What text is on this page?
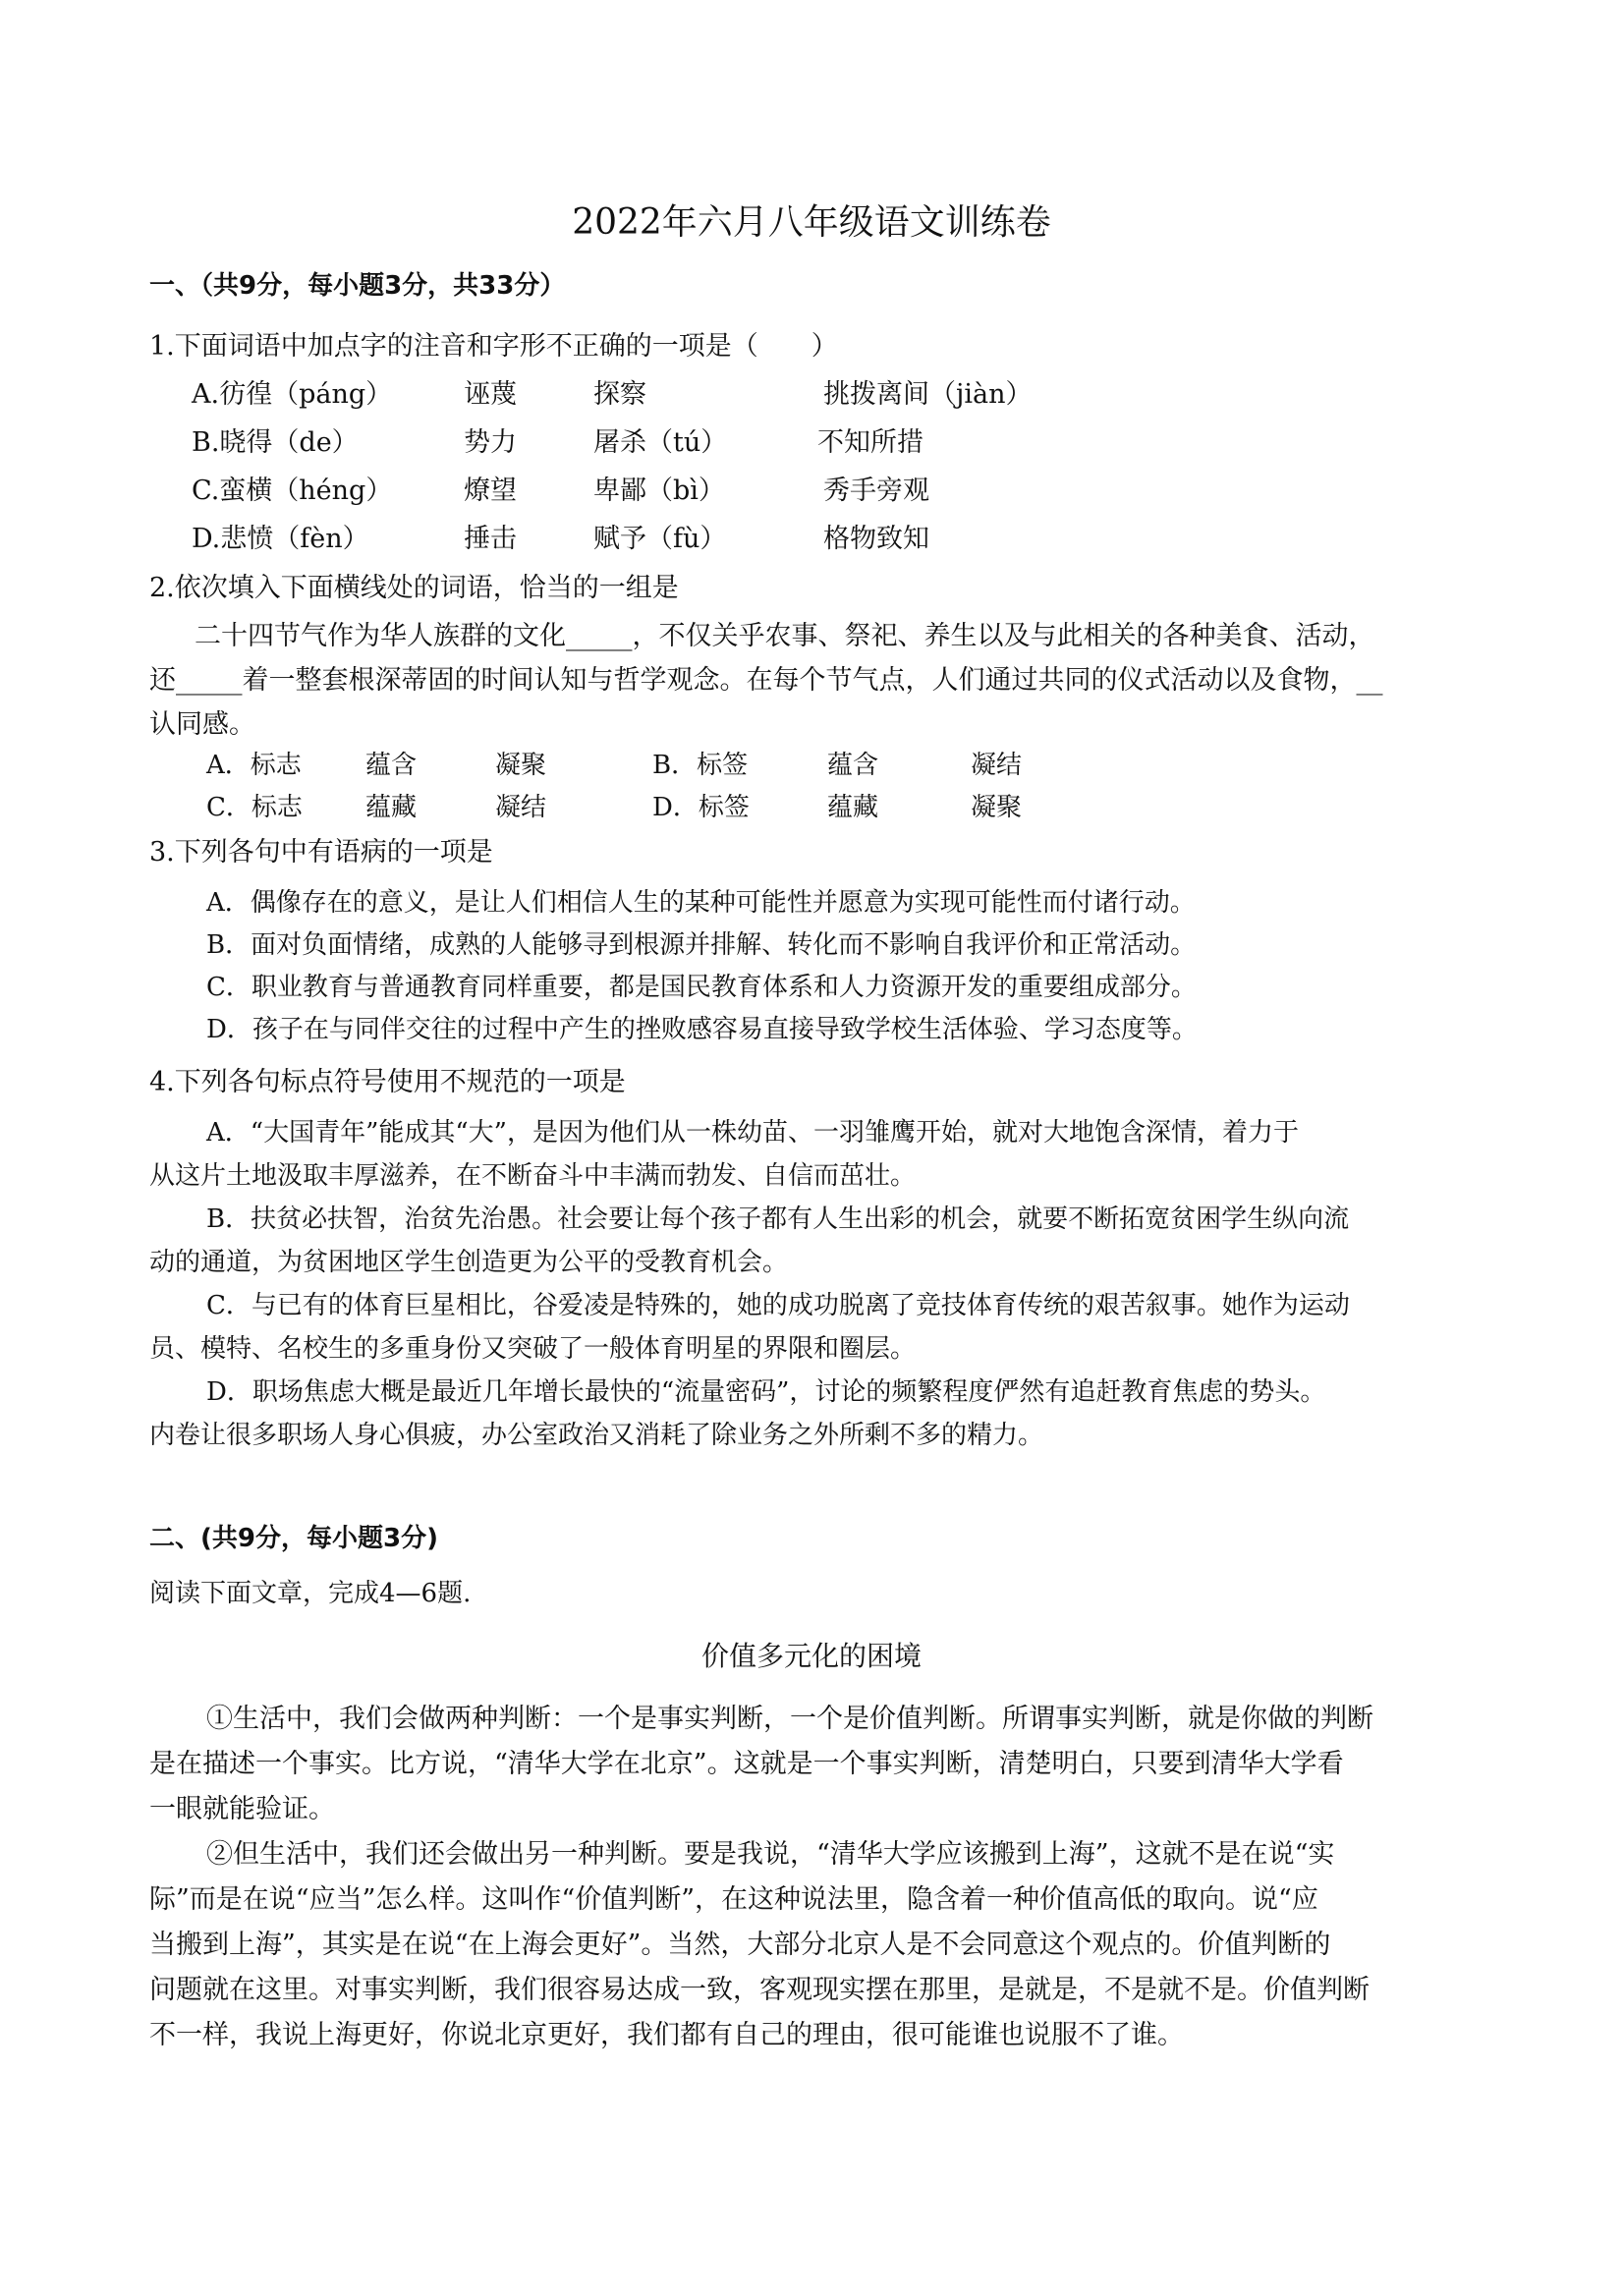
2022年六月八年级语文训练卷
一、（共9分，每小题3分，共33分）
1.下面词语中加点字的注音和字形不正确的一项是（　　）
A.彷徨（páng）	诬蔑	探察	挑拨离间（jiàn）
B.晓得（de）	势力	屠杀（tú）	不知所措
C.蛮横（héng）	燎望	卑鄙（bì）	秀手旁观
D.悲愤（fèn）	捶击	赋予（fù）	格物致知
2.依次填入下面横线处的词语，恰当的一组是
二十四节气作为华人族群的文化_____，不仅关乎农事、祭祀、养生以及与此相关的各种美食、活动，
还_____着一整套根深蒂固的时间认知与哲学观念。在每个节气点，人们通过共同的仪式活动以及食物，__
认同感。
A．标志	蕴含	凝聚	B．标签	蕴含	凝结
C．标志 蕴藏	凝结	D．标签	蕴藏	凝聚
3.下列各句中有语病的一项是
A．偶像存在的意义，是让人们相信人生的某种可能性并愿意为实现可能性而付诸行动。
B．面对负面情绪，成熟的人能够寻到根源并排解、转化而不影响自我评价和正常活动。
C．职业教育与普通教育同样重要，都是国民教育体系和人力资源开发的重要组成部分。
D．孩子在与同伴交往的过程中产生的挫败感容易直接导致学校生活体验、学习态度等。
4.下列各句标点符号使用不规范的一项是
A．“大国青年”能成其“大”，是因为他们从一株幼苗、一羽雏鹰开始，就对大地饱含深情，着力于
从这片土地汲取丰厚滋养，在不断奋斗中丰满而勃发、自信而茁壮。
B．扶贫必扶智，治贫先治愚。社会要让每个孩子都有人生出彩的机会，就要不断拓宽贫困学生纵向流
动的通道，为贫困地区学生创造更为公平的受教育机会。
C．与已有的体育巨星相比，谷爱凌是特殊的，她的成功脱离了竞技体育传统的艰苦叙事。她作为运动
员、模特、名校生的多重身份又突破了一般体育明星的界限和圈层。
D．职场焦虑大概是最近几年增长最快的“流量密码”，讨论的频繁程度俨然有追赶教育焦虑的势头。
内卷让很多职场人身心俱疲，办公室政治又消耗了除业务之外所剩不多的精力。
二、(共9分，每小题3分)
阅读下面文章，完成4—6题.
价值多元化的困境
①生活中，我们会做两种判断：一个是事实判断，一个是价值判断。所谓事实判断，就是你做的判断
是在描述一个事实。比方说，“清华大学在北京”。这就是一个事实判断，清楚明白，只要到清华大学看
一眼就能验证。
②但生活中，我们还会做出另一种判断。要是我说，“清华大学应该搬到上海”，这就不是在说“实
际”而是在说“应当”怎么样。这叫作“价值判断”，在这种说法里，隐含着一种价值高低的取向。说“应
当搬到上海”，其实是在说“在上海会更好”。当然，大部分北京人是不会同意这个观点的。价值判断的
问题就在这里。对事实判断，我们很容易达成一致，客观现实摆在那里，是就是，不是就不是。价值判断
不一样，我说上海更好，你说北京更好，我们都有自己的理由，很可能谁也说服不了谁。
